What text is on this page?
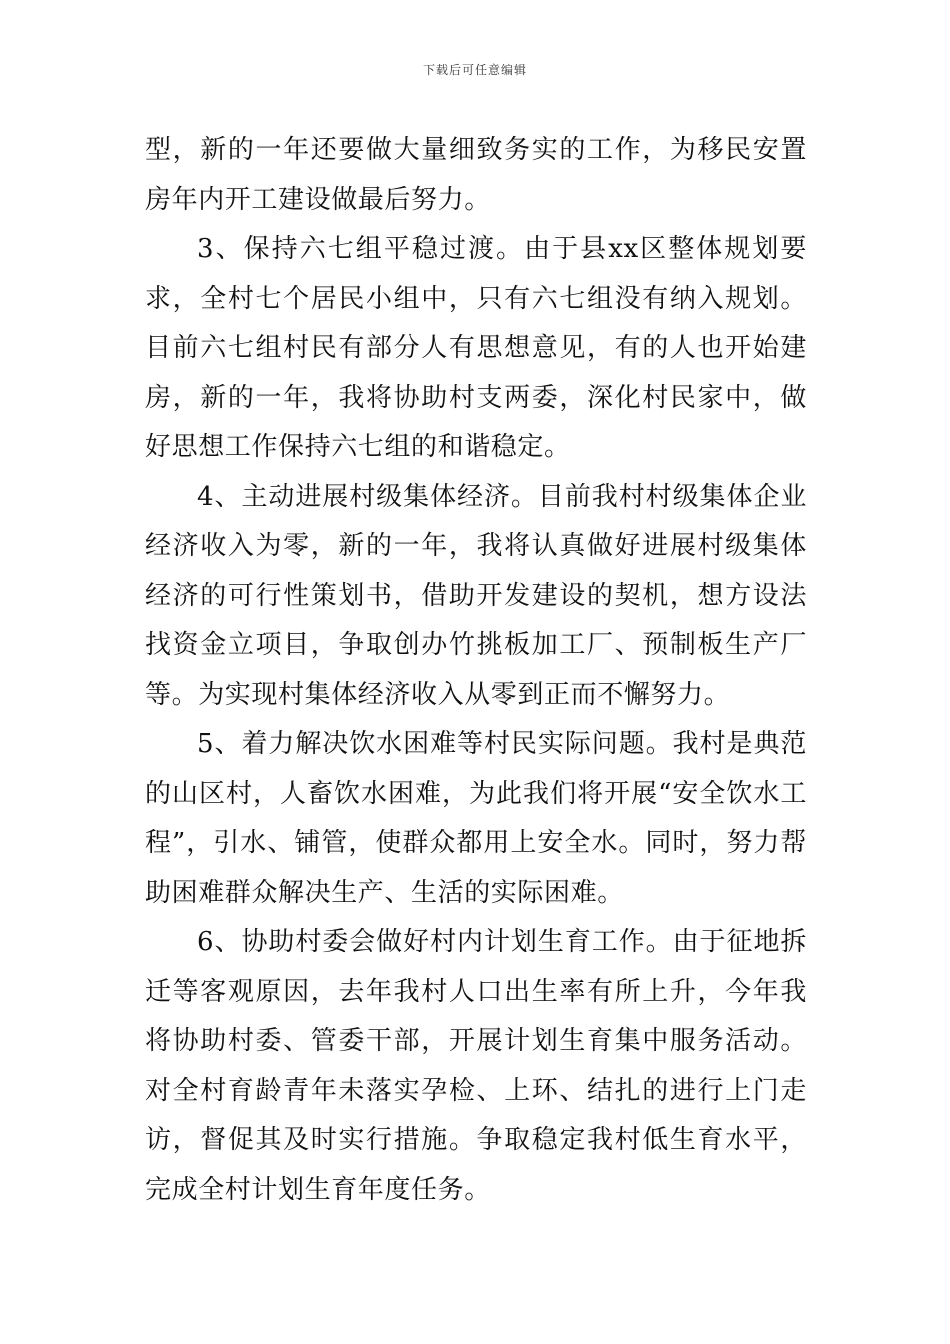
下载后可任意编辑

型，新的一年还要做大量细致务实的工作，为移民安置房年内开工建设做最后努力。

3、保持六七组平稳过渡。由于县xx区整体规划要求，全村七个居民小组中，只有六七组没有纳入规划。目前六七组村民有部分人有思想意见，有的人也开始建房，新的一年，我将协助村支两委，深化村民家中，做好思想工作保持六七组的和谐稳定。

4、主动进展村级集体经济。目前我村村级集体企业经济收入为零，新的一年，我将认真做好进展村级集体经济的可行性策划书，借助开发建设的契机，想方设法找资金立项目，争取创办竹挑板加工厂、预制板生产厂等。为实现村集体经济收入从零到正而不懈努力。

5、着力解决饮水困难等村民实际问题。我村是典范的山区村，人畜饮水困难，为此我们将开展“安全饮水工程”，引水、铺管，使群众都用上安全水。同时，努力帮助困难群众解决生产、生活的实际困难。

6、协助村委会做好村内计划生育工作。由于征地拆迁等客观原因，去年我村人口出生率有所上升，今年我将协助村委、管委干部，开展计划生育集中服务活动。对全村育龄青年未落实孕检、上环、结扎的进行上门走访，督促其及时实行措施。争取稳定我村低生育水平，完成全村计划生育年度任务。
